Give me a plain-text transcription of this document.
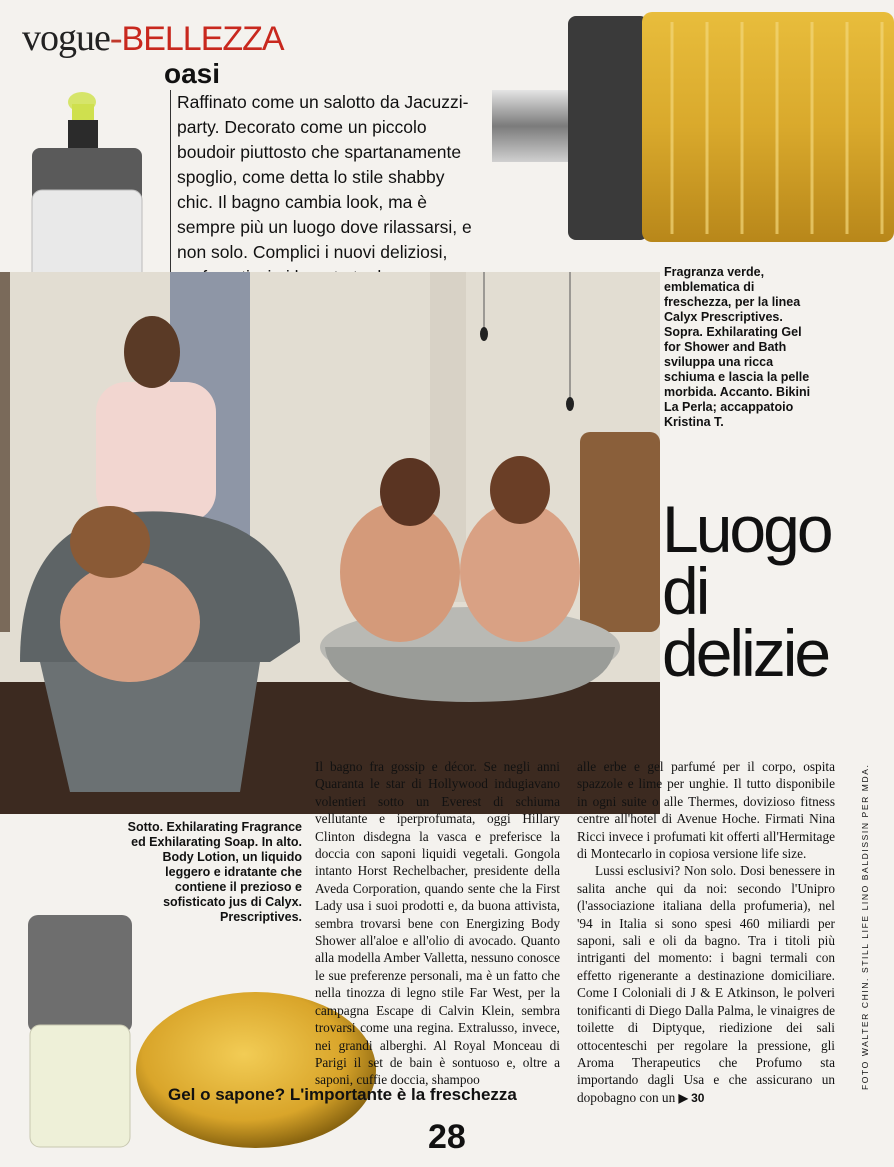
vogue-BELLEZZA
oasi
Raffinato come un salotto da Jacuzzi-party. Decorato come un piccolo boudoir piuttosto che spartanamente spoglio, come detta lo stile shabby chic. Il bagno cambia look, ma è sempre più un luogo dove rilassarsi, e non solo. Complici i nuovi deliziosi,
Fragranza verde, emblematica di freschezza, per la linea Calyx Prescriptives. Sopra. Exhilarating Gel for Shower and Bath sviluppa una ricca schiuma e lascia la pelle morbida. Accanto. Bikini La Perla; accappatoio Kristina T.
Sotto. Exhilarating Fragrance ed Exhilarating Soap. In alto. Body Lotion, un liquido leggero e idratante che contiene il prezioso e sofisticato jus di Calyx. Prescriptives.
Luogo
di
delizie

Il bagno fra gossip e décor. Se negli anni Quaranta le star di Hollywood indugiavano volentieri sotto un Everest di schiuma vellutante e iperprofumata, oggi Hillary Clinton disdegna la vasca e preferisce la doccia con saponi liquidi vegetali. Gongola intanto Horst Rechelbacher, presidente della Aveda Corporation, quando sente che la First Lady usa i suoi prodotti e, da buona attivista, sembra trovarsi bene con Energizing Body Shower all'aloe e all'olio di avocado. Quanto alla modella Amber Valletta, nessuno conosce le sue preferenze personali, ma è un fatto che nella tinozza di legno stile Far West, per la campagna Escape di Calvin Klein, sembra trovarsi come una regina. Extralusso, invece, nei grandi alberghi. Al Royal Monceau di Parigi il set de bain è sontuoso e, oltre a saponi, cuffie doccia, shampoo

alle erbe e gel parfumé per il corpo, ospita spazzole e lime per unghie. Il tutto disponibile in ogni suite o alle Thermes, dovizioso fitness centre all'hotel di Avenue Hoche. Firmati Nina Ricci invece i profumati kit offerti all'Hermitage di Montecarlo in copiosa versione life size.

Lussi esclusivi? Non solo. Dosi benessere in salita anche qui da noi: secondo l'Unipro (l'associazione italiana della profumeria), nel '94 in Italia si sono spesi 460 miliardi per saponi, sali e oli da bagno. Tra i titoli più intriganti del momento: i bagni termali con effetto rigenerante a destinazione domiciliare. Come I Coloniali di J & E Atkinson, le polveri tonificanti di Diego Dalla Palma, le vinaigres de toilette di Diptyque, riedizione dei sali ottocenteschi per regolare la pressione, gli Aroma Therapeutics che Profumo sta importando dagli Usa e che assicurano un dopobagno con un ▶ 30

Gel o sapone? L'importante è la freschezza
28
FOTO WALTER CHIN. STILL LIFE LINO BALDISSIN PER MDA.
